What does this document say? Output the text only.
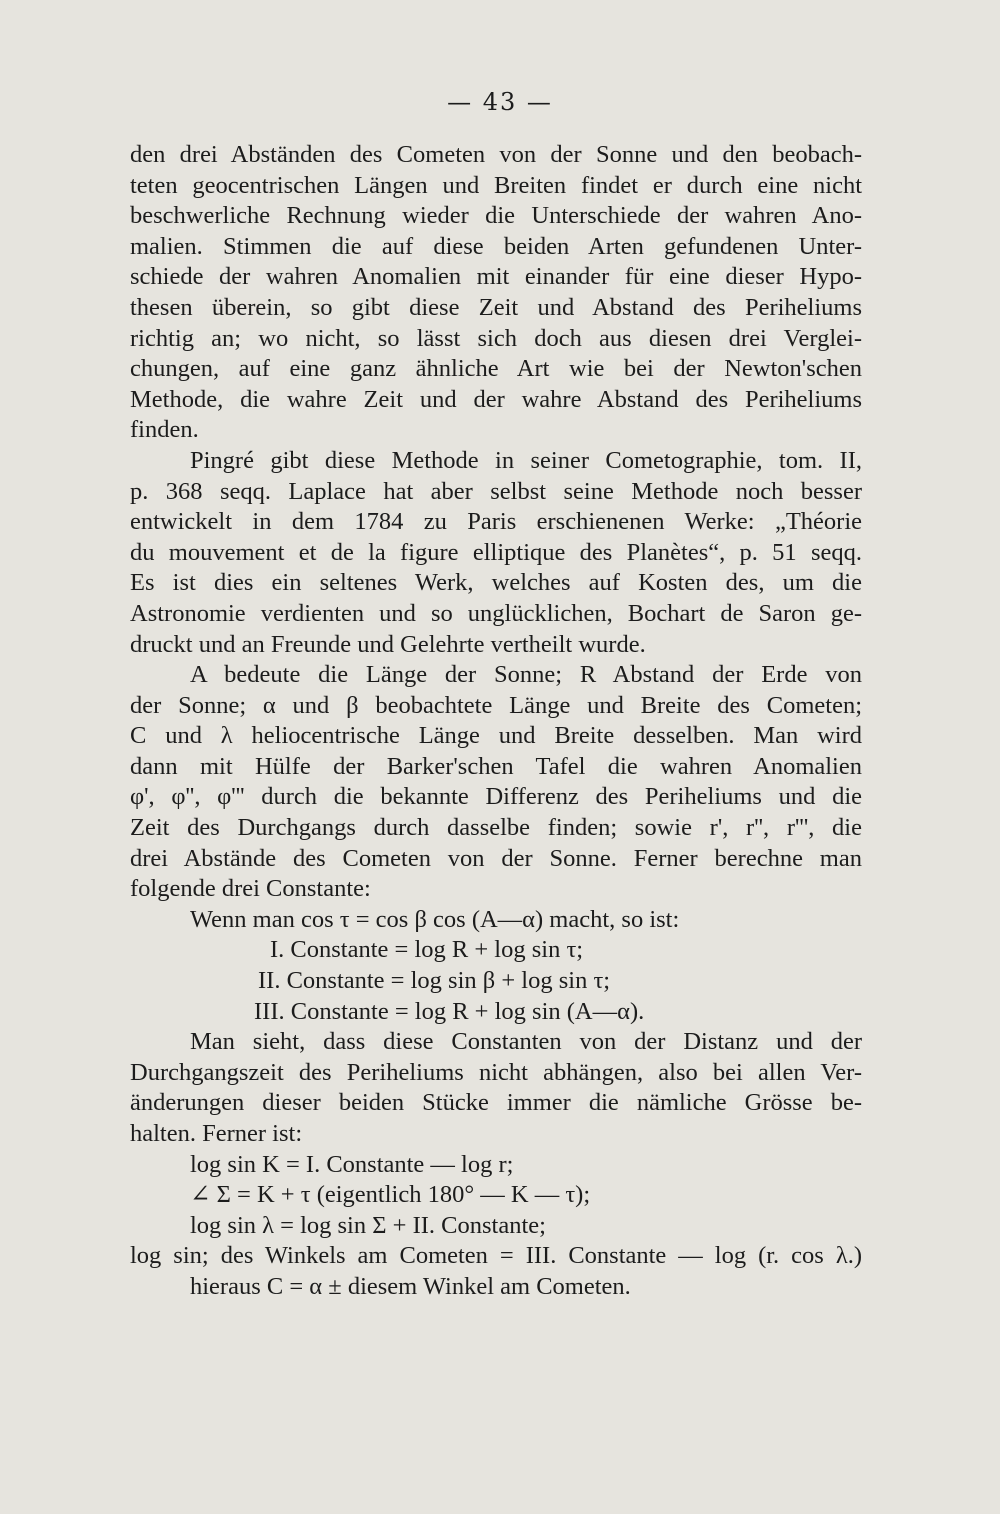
— 43 —
den drei Abständen des Cometen von der Sonne und den beobach-
teten geocentrischen Längen und Breiten findet er durch eine nicht
beschwerliche Rechnung wieder die Unterschiede der wahren Ano-
malien. Stimmen die auf diese beiden Arten gefundenen Unter-
schiede der wahren Anomalien mit einander für eine dieser Hypo-
thesen überein, so gibt diese Zeit und Abstand des Periheliums
richtig an; wo nicht, so lässt sich doch aus diesen drei Verglei-
chungen, auf eine ganz ähnliche Art wie bei der Newton'schen
Methode, die wahre Zeit und der wahre Abstand des Periheliums
finden.
Pingré gibt diese Methode in seiner Cometographie, tom. II,
p. 368 seqq. Laplace hat aber selbst seine Methode noch besser
entwickelt in dem 1784 zu Paris erschienenen Werke: „Théorie
du mouvement et de la figure elliptique des Planètes“, p. 51 seqq.
Es ist dies ein seltenes Werk, welches auf Kosten des, um die
Astronomie verdienten und so unglücklichen, Bochart de Saron ge-
druckt und an Freunde und Gelehrte vertheilt wurde.
A bedeute die Länge der Sonne; R Abstand der Erde von
der Sonne; α und β beobachtete Länge und Breite des Cometen;
C und λ heliocentrische Länge und Breite desselben. Man wird
dann mit Hülfe der Barker'schen Tafel die wahren Anomalien
φ', φ'', φ''' durch die bekannte Differenz des Periheliums und die
Zeit des Durchgangs durch dasselbe finden; sowie r', r'', r''', die
drei Abstände des Cometen von der Sonne. Ferner berechne man
folgende drei Constante:
Wenn man cos τ = cos β cos (A—α) macht, so ist:
I. Constante = log R + log sin τ;
II. Constante = log sin β + log sin τ;
III. Constante = log R + log sin (A—α).
Man sieht, dass diese Constanten von der Distanz und der
Durchgangszeit des Periheliums nicht abhängen, also bei allen Ver-
änderungen dieser beiden Stücke immer die nämliche Grösse be-
halten. Ferner ist:
log sin K = I. Constante — log r;
∠ Σ = K + τ (eigentlich 180° — K — τ);
log sin λ = log sin Σ + II. Constante;
log sin; des Winkels am Cometen = III. Constante — log (r. cos λ.)
hieraus C = α ± diesem Winkel am Cometen.
